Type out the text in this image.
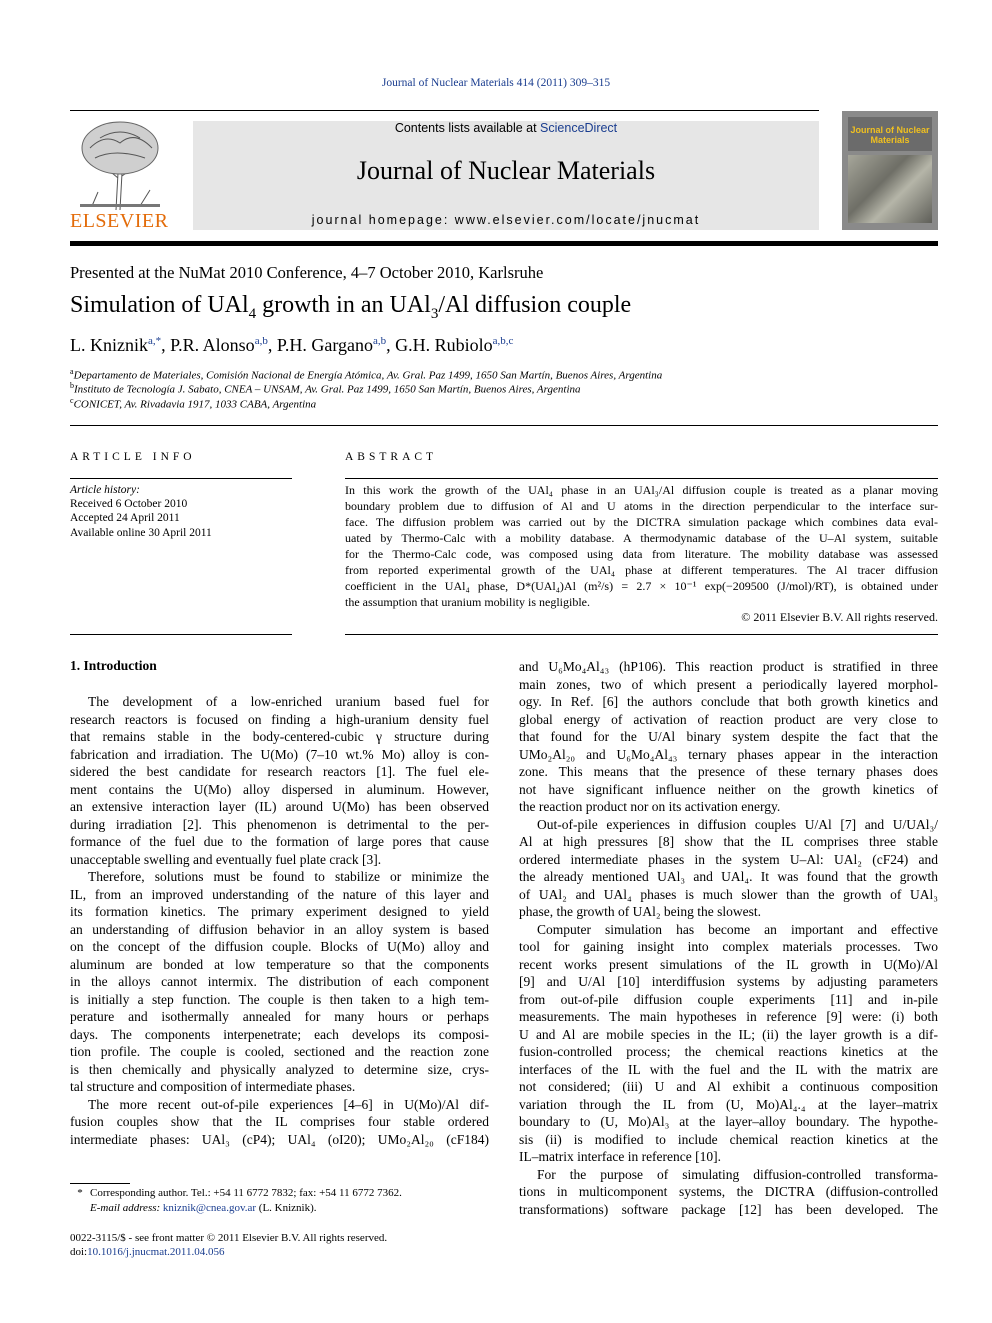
Journal of Nuclear Materials 414 (2011) 309–315
ELSEVIER
Contents lists available at ScienceDirect
Journal of Nuclear Materials
journal homepage: www.elsevier.com/locate/jnucmat
Journal of Nuclear Materials
Presented at the NuMat 2010 Conference, 4–7 October 2010, Karlsruhe
Simulation of UAl$_4$ growth in an UAl$_3$/Al diffusion couple
L. Kniznik$^{a,*}$, P.R. Alonso$^{a,b}$, P.H. Gargano$^{a,b}$, G.H. Rubiolo$^{a,b,c}$
$^a$Departamento de Materiales, Comisión Nacional de Energía Atómica, Av. Gral. Paz 1499, 1650 San Martín, Buenos Aires, Argentina
$^b$Instituto de Tecnología J. Sabato, CNEA – UNSAM, Av. Gral. Paz 1499, 1650 San Martín, Buenos Aires, Argentina
$^c$CONICET, Av. Rivadavia 1917, 1033 CABA, Argentina
ARTICLE INFO
Article history:
Received 6 October 2010
Accepted 24 April 2011
Available online 30 April 2011
ABSTRACT
In this work the growth of the UAl₄ phase in an UAl₃/Al diffusion couple is treated as a planar moving
boundary problem due to diffusion of Al and U atoms in the direction perpendicular to the interface sur-
face. The diffusion problem was carried out by the DICTRA simulation package which combines data eval-
uated by Thermo-Calc with a mobility database. A thermodynamic database of the U–Al system, suitable
for the Thermo-Calc code, was composed using data from literature. The mobility database was assessed
from reported experimental growth of the UAl₄ phase at different temperatures. The Al tracer diffusion
coefficient in the UAl₄ phase, D*(UAl₄)Al (m²/s) = 2.7 × 10⁻¹ exp(−209500 (J/mol)/RT), is obtained under
the assumption that uranium mobility is negligible.
© 2011 Elsevier B.V. All rights reserved.
1. Introduction
The development of a low-enriched uranium based fuel for
research reactors is focused on finding a high-uranium density fuel
that remains stable in the body-centered-cubic γ structure during
fabrication and irradiation. The U(Mo) (7–10 wt.% Mo) alloy is con-
sidered the best candidate for research reactors [1]. The fuel ele-
ment contains the U(Mo) alloy dispersed in aluminum. However,
an extensive interaction layer (IL) around U(Mo) has been observed
during irradiation [2]. This phenomenon is detrimental to the per-
formance of the fuel due to the formation of large pores that cause
unacceptable swelling and eventually fuel plate crack [3].
Therefore, solutions must be found to stabilize or minimize the
IL, from an improved understanding of the nature of this layer and
its formation kinetics. The primary experiment designed to yield
an understanding of diffusion behavior in an alloy system is based
on the concept of the diffusion couple. Blocks of U(Mo) alloy and
aluminum are bonded at low temperature so that the components
in the alloys cannot intermix. The distribution of each component
is initially a step function. The couple is then taken to a high tem-
perature and isothermally annealed for many hours or perhaps
days. The components interpenetrate; each develops its composi-
tion profile. The couple is cooled, sectioned and the reaction zone
is then chemically and physically analyzed to determine size, crys-
tal structure and composition of intermediate phases.
The more recent out-of-pile experiences [4–6] in U(Mo)/Al dif-
fusion couples show that the IL comprises four stable ordered
intermediate phases: UAl₃ (cP4); UAl₄ (oI20); UMo₂Al₂₀ (cF184)
and U₆Mo₄Al₄₃ (hP106). This reaction product is stratified in three
main zones, two of which present a periodically layered morphol-
ogy. In Ref. [6] the authors conclude that both growth kinetics and
global energy of activation of reaction product are very close to
that found for the U/Al binary system despite the fact that the
UMo₂Al₂₀ and U₆Mo₄Al₄₃ ternary phases appear in the interaction
zone. This means that the presence of these ternary phases does
not have significant influence neither on the growth kinetics of
the reaction product nor on its activation energy.
Out-of-pile experiences in diffusion couples U/Al [7] and U/UAl₃/
Al at high pressures [8] show that the IL comprises three stable
ordered intermediate phases in the system U–Al: UAl₂ (cF24) and
the already mentioned UAl₃ and UAl₄. It was found that the growth
of UAl₂ and UAl₄ phases is much slower than the growth of UAl₃
phase, the growth of UAl₂ being the slowest.
Computer simulation has become an important and effective
tool for gaining insight into complex materials processes. Two
recent works present simulations of the IL growth in U(Mo)/Al
[9] and U/Al [10] interdiffusion systems by adjusting parameters
from out-of-pile diffusion couple experiments [11] and in-pile
measurements. The main hypotheses in reference [9] were: (i) both
U and Al are mobile species in the IL; (ii) the layer growth is a dif-
fusion-controlled process; the chemical reactions kinetics at the
interfaces of the IL with the fuel and the IL with the matrix are
not considered; (iii) U and Al exhibit a continuous composition
variation through the IL from (U, Mo)Al₄.₄ at the layer–matrix
boundary to (U, Mo)Al₃ at the layer–alloy boundary. The hypothe-
sis (ii) is modified to include chemical reaction kinetics at the
IL–matrix interface in reference [10].
For the purpose of simulating diffusion-controlled transforma-
tions in multicomponent systems, the DICTRA (diffusion-controlled
transformations) software package [12] has been developed. The
* Corresponding author. Tel.: +54 11 6772 7832; fax: +54 11 6772 7362.
E-mail address: kniznik@cnea.gov.ar (L. Kniznik).
0022-3115/$ - see front matter © 2011 Elsevier B.V. All rights reserved.
doi:10.1016/j.jnucmat.2011.04.056
